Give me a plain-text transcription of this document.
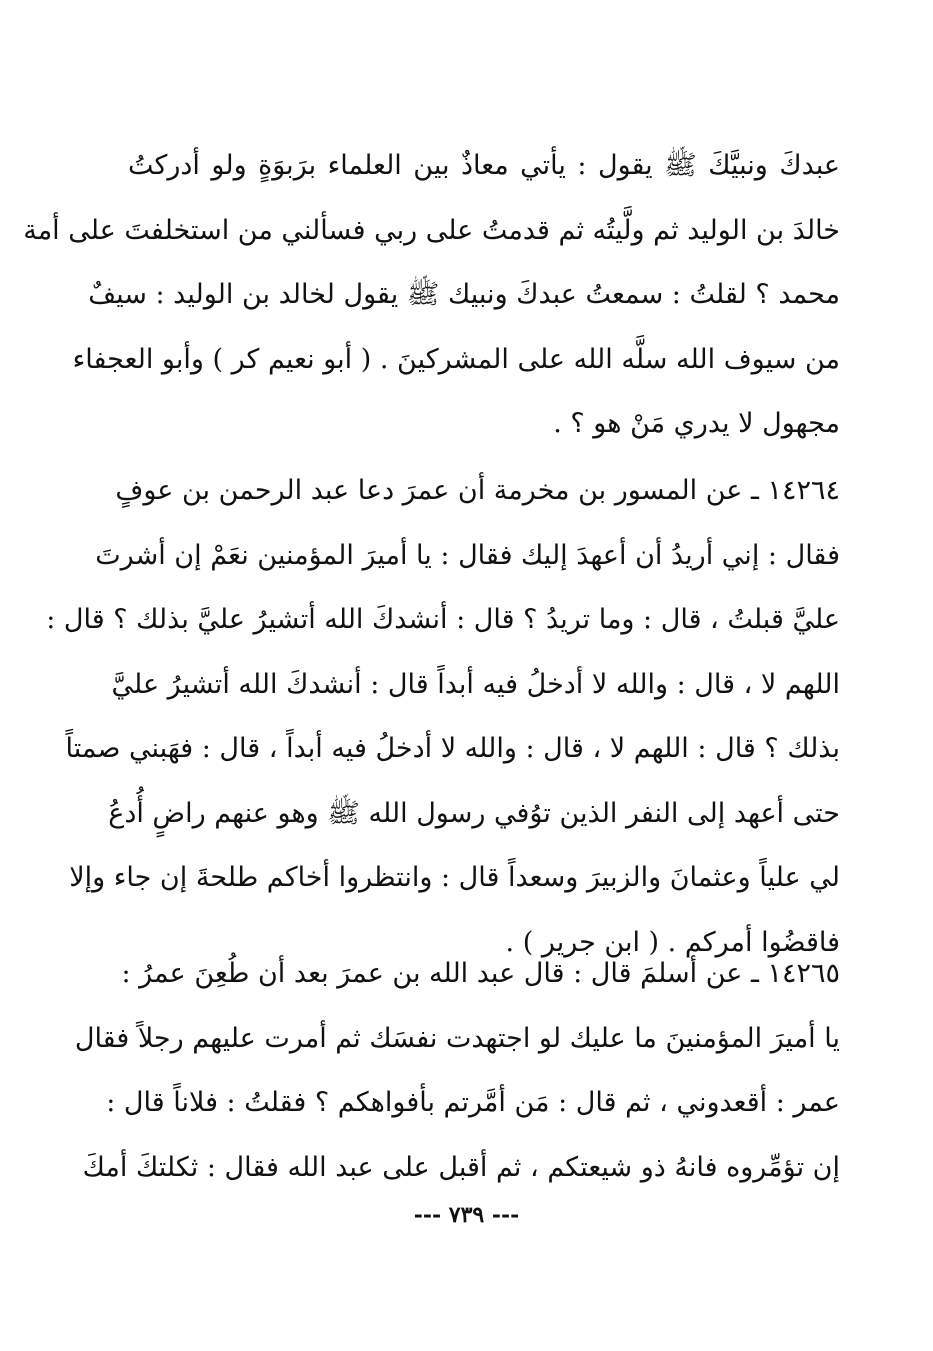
عبدكَ ونبيَّكَ ﷺ يقول : يأتي معاذٌ بين العلماء برَبوَةٍ ولو أدركتُ
خالدَ بن الوليد ثم ولَّيتُه ثم قدمتُ على ربي فسألني من استخلفتَ على أمة
محمد ؟ لقلتُ : سمعتُ عبدكَ ونبيك ﷺ يقول لخالد بن الوليد : سيفٌ
من سيوف الله سلَّه الله على المشركينَ . ( أبو نعيم كر ) وأبو العجفاء
مجهول لا يدري مَنْ هو ؟ .
١٤٢٦٤ ـ عن المسور بن مخرمة أن عمرَ دعا عبد الرحمن بن عوفٍ
فقال : إني أريدُ أن أعهدَ إليك فقال : يا أميرَ المؤمنين نعَمْ إن أشرتَ
عليَّ قبلتُ ، قال : وما تريدُ ؟ قال : أنشدكَ الله أتشيرُ عليَّ بذلك ؟ قال :
اللهم لا ، قال : والله لا أدخلُ فيه أبداً قال : أنشدكَ الله أتشيرُ عليَّ
بذلك ؟ قال : اللهم لا ، قال : والله لا أدخلُ فيه أبداً ، قال : فهَبني صمتاً
حتى أعهد إلى النفر الذين توُفي رسول الله ﷺ وهو عنهم راضٍ أُدعُ
لي علياً وعثمانَ والزبيرَ وسعداً قال : وانتظروا أخاكم طلحةَ إن جاء وإلا
فاقضُوا أمركم . ( ابن جرير ) .
١٤٢٦٥ ـ عن أسلمَ قال : قال عبد الله بن عمرَ بعد أن طُعِنَ عمرُ :
يا أميرَ المؤمنينَ ما عليك لو اجتهدت نفسَك ثم أمرت عليهم رجلاً فقال
عمر : أقعدوني ، ثم قال : مَن أمَّرتم بأفواهكم ؟ فقلتُ : فلاناً قال :
إن تؤمِّروه فانهُ ذو شيعتكم ، ثم أقبل على عبد الله فقال : ثكلتكَ أمكَ
--- ٧٣٩ ---
